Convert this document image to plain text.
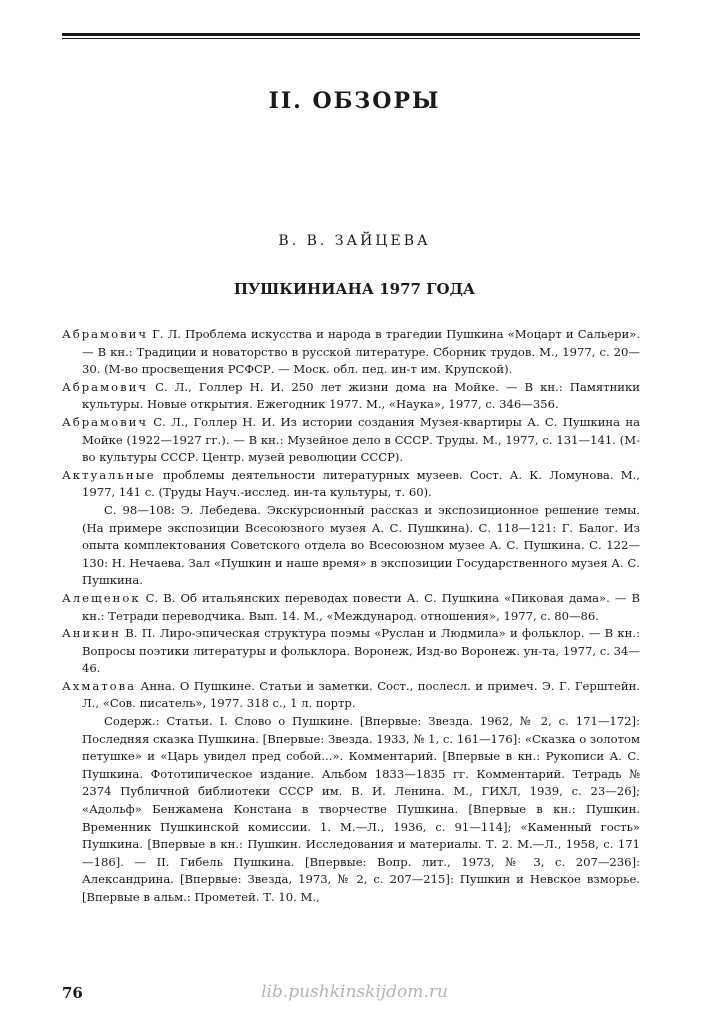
II. ОБЗОРЫ
В. В. ЗАЙЦЕВА
ПУШКИНИАНА 1977 ГОДА

Абрамович Г. Л. Проблема искусства и народа в трагедии Пушкина «Моцарт и Сальери». — В кн.: Традиции и новаторство в русской литературе. Сборник трудов. М., 1977, с. 20—30. (М-во просвещения РСФСР. — Моск. обл. пед. ин-т им. Крупской).

Абрамович С. Л., Голлер Н. И. 250 лет жизни дома на Мойке. — В кн.: Памятники культуры. Новые открытия. Ежегодник 1977. М., «Наука», 1977, с. 346—356.

Абрамович С. Л., Голлер Н. И. Из истории создания Музея-квартиры А. С. Пушкина на Мойке (1922—1927 гг.). — В кн.: Музейное дело в СССР. Труды. М., 1977, с. 131—141. (М-во культуры СССР. Центр. музей революции СССР).

Актуальные проблемы деятельности литературных музеев. Сост. А. К. Ломунова. М., 1977, 141 с. (Труды Науч.-исслед. ин-та культуры, т. 60).

С. 98—108: Э. Лебедева. Экскурсионный рассказ и экспозиционное решение темы. (На примере экспозиции Всесоюзного музея А. С. Пушкина). С. 118—121: Г. Балог. Из опыта комплектования Советского отдела во Всесоюзном музее А. С. Пушкина. С. 122—130: Н. Нечаева. Зал «Пушкин и наше время» в экспозиции Государственного музея А. С. Пушкина.

Алещенок С. В. Об итальянских переводах повести А. С. Пушкина «Пиковая дама». — В кн.: Тетради переводчика. Вып. 14. М., «Международ. отношения», 1977, с. 80—86.

Аникин В. П. Лиро-эпическая структура поэмы «Руслан и Людмила» и фольклор. — В кн.: Вопросы поэтики литературы и фольклора. Воронеж, Изд-во Воронеж. ун-та, 1977, с. 34—46.

Ахматова Анна. О Пушкине. Статьи и заметки. Сост., послесл. и примеч. Э. Г. Герштейн. Л., «Сов. писатель», 1977. 318 с., 1 л. портр.

Содерж.: Статьи. I. Слово о Пушкине. [Впервые: Звезда. 1962, № 2, с. 171—172]: Последняя сказка Пушкина. [Впервые: Звезда. 1933, № 1, с. 161—176]: «Сказка о золотом петушке» и «Царь увидел пред собой...». Комментарий. [Впервые в кн.: Рукописи А. С. Пушкина. Фототипическое издание. Альбом 1833—1835 гг. Комментарий. Тетрадь № 2374 Публичной библиотеки СССР им. В. И. Ленина. М., ГИХЛ, 1939, с. 23—26]; «Адольф» Бенжамена Констана в творчестве Пушкина. [Впервые в кн.: Пушкин. Временник Пушкинской комиссии. 1. М.—Л., 1936, с. 91—114]; «Каменный гость» Пушкина. [Впервые в кн.: Пушкин. Исследования и материалы. Т. 2. М.—Л., 1958, с. 171—186]. — II. Гибель Пушкина. [Впервые: Вопр. лит., 1973, № 3, с. 207—236]: Александрина. [Впервые: Звезда, 1973, № 2, с. 207—215]: Пушкин и Невское взморье. [Впервые в альм.: Прометей. Т. 10. М.,

76	lib.pushkinskijdom.ru
